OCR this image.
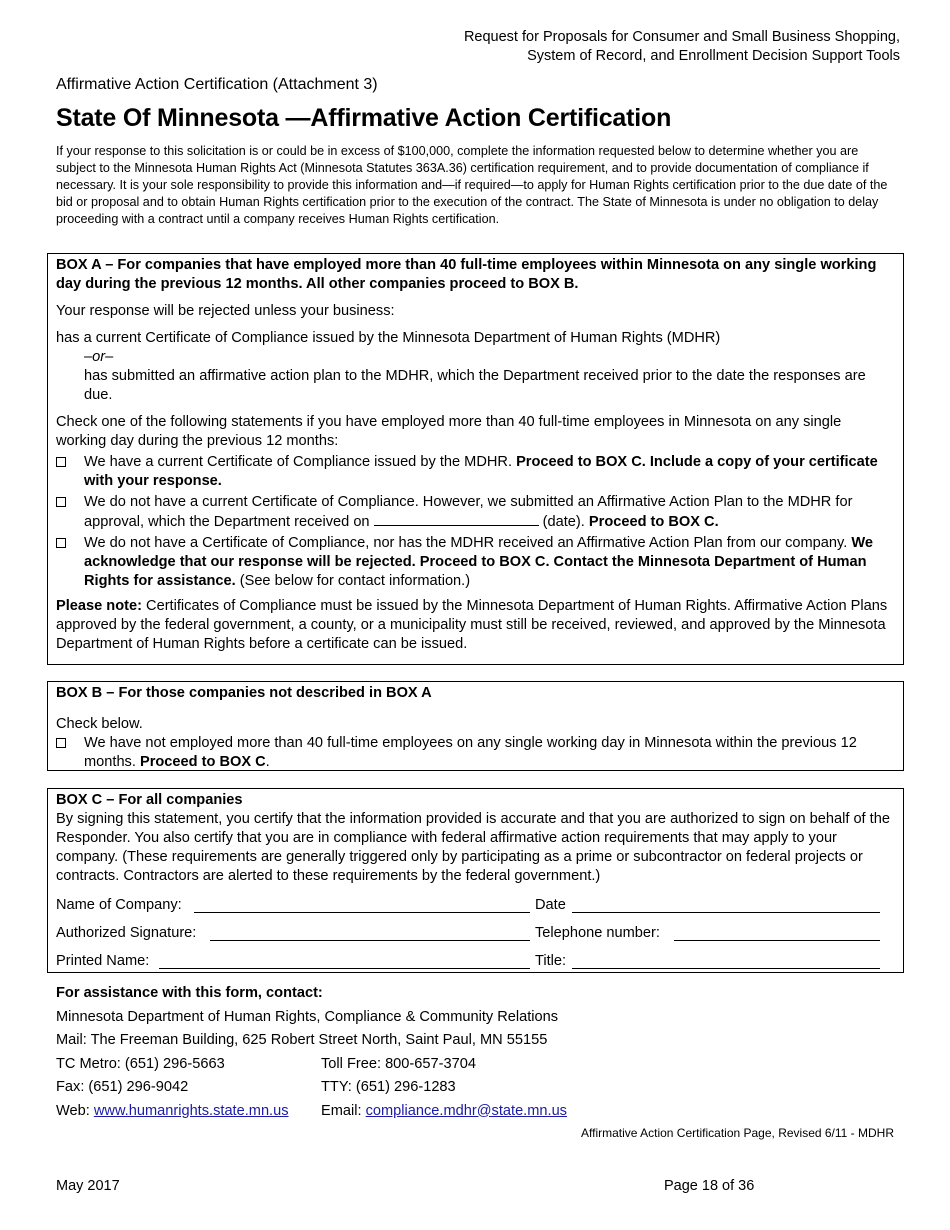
Request for Proposals for Consumer and Small Business Shopping,
System of Record, and Enrollment Decision Support Tools
Affirmative Action Certification (Attachment 3)
State Of Minnesota —Affirmative Action Certification
If your response to this solicitation is or could be in excess of $100,000, complete the information requested below to determine whether you are subject to the Minnesota Human Rights Act (Minnesota Statutes 363A.36) certification requirement, and to provide documentation of compliance if necessary. It is your sole responsibility to provide this information and—if required—to apply for Human Rights certification prior to the due date of the bid or proposal and to obtain Human Rights certification prior to the execution of the contract. The State of Minnesota is under no obligation to delay proceeding with a contract until a company receives Human Rights certification.

BOX A – For companies that have employed more than 40 full-time employees within Minnesota on any single working day during the previous 12 months. All other companies proceed to BOX B.

Your response will be rejected unless your business:

has a current Certificate of Compliance issued by the Minnesota Department of Human Rights (MDHR)

–or–

has submitted an affirmative action plan to the MDHR, which the Department received prior to the date the responses are due.

Check one of the following statements if you have employed more than 40 full-time employees in Minnesota on any single working day during the previous 12 months:

We have a current Certificate of Compliance issued by the MDHR. Proceed to BOX C. Include a copy of your certificate with your response.
We do not have a current Certificate of Compliance. However, we submitted an Affirmative Action Plan to the MDHR for approval, which the Department received on	(date). Proceed to BOX C.
We do not have a Certificate of Compliance, nor has the MDHR received an Affirmative Action Plan from our company. We acknowledge that our response will be rejected. Proceed to BOX C. Contact the Minnesota Department of Human Rights for assistance. (See below for contact information.)

Please note: Certificates of Compliance must be issued by the Minnesota Department of Human Rights. Affirmative Action Plans approved by the federal government, a county, or a municipality must still be received, reviewed, and approved by the Minnesota Department of Human Rights before a certificate can be issued.

BOX B – For those companies not described in BOX A

Check below.

We have not employed more than 40 full-time employees on any single working day in Minnesota within the previous 12 months. Proceed to BOX C.

BOX C – For all companies

By signing this statement, you certify that the information provided is accurate and that you are authorized to sign on behalf of the Responder. You also certify that you are in compliance with federal affirmative action requirements that may apply to your company. (These requirements are generally triggered only by participating as a prime or subcontractor on federal projects or contracts. Contractors are alerted to these requirements by the federal government.)

Name of Company:	Date
Authorized Signature:	Telephone number:
Printed Name:	Title:
For assistance with this form, contact:
Minnesota Department of Human Rights, Compliance & Community Relations
Mail: The Freeman Building, 625 Robert Street North, Saint Paul, MN 55155
TC Metro: (651) 296-5663	Toll Free: 800-657-3704
Fax: (651) 296-9042	TTY: (651) 296-1283
Web: www.humanrights.state.mn.us Email: compliance.mdhr@state.mn.us
Affirmative Action Certification Page, Revised 6/11 - MDHR
May 2017	Page 18 of 36
